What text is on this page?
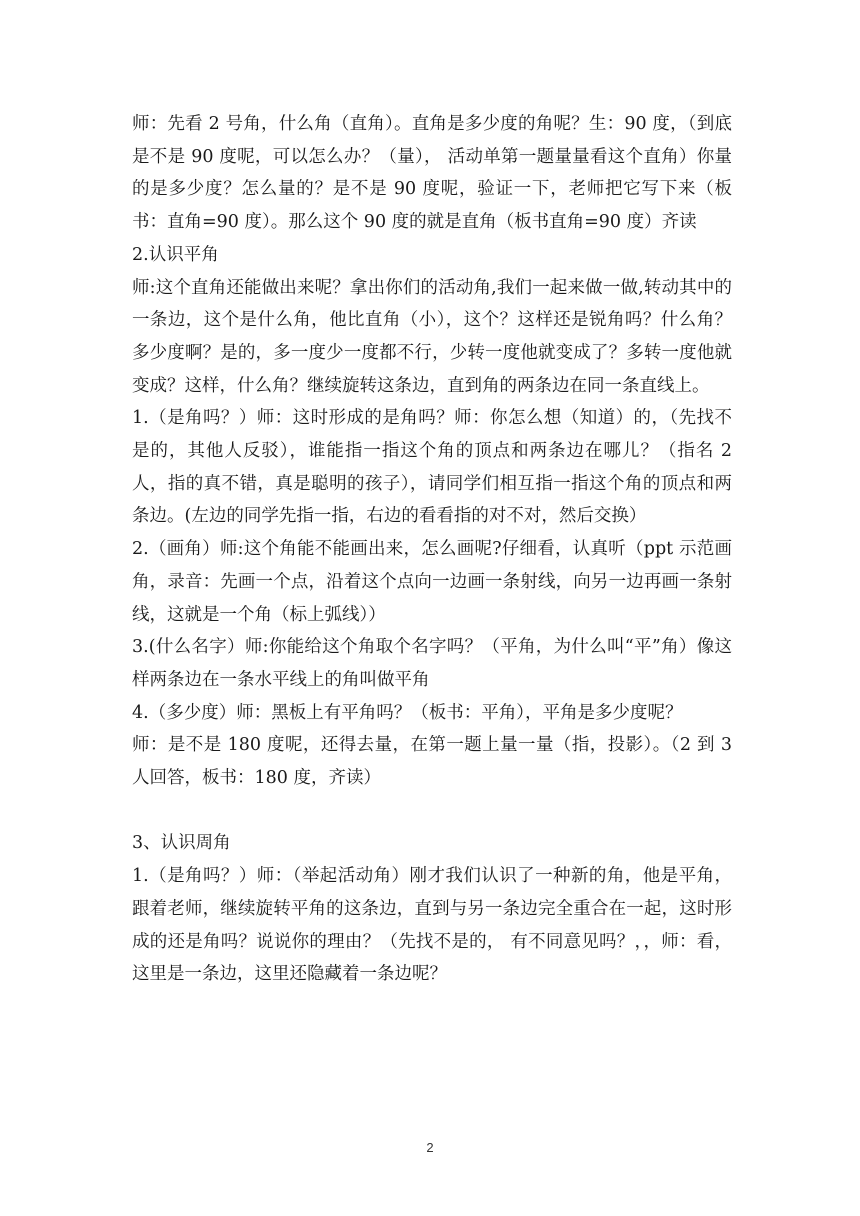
师：先看 2 号角，什么角（直角）。直角是多少度的角呢？生：90 度，（到底是不是 90 度呢，可以怎么办？（量）， 活动单第一题量量看这个直角）你量的是多少度？怎么量的？是不是 90 度呢，验证一下，老师把它写下来（板书：直角=90 度）。那么这个 90 度的就是直角（板书直角=90 度）齐读

2.认识平角

师:这个直角还能做出来呢？拿出你们的活动角,我们一起来做一做,转动其中的一条边，这个是什么角，他比直角（小），这个？这样还是锐角吗？什么角？多少度啊？是的，多一度少一度都不行，少转一度他就变成了？多转一度他就变成？这样，什么角？继续旋转这条边，直到角的两条边在同一条直线上。

1.（是角吗？）师：这时形成的是角吗？师：你怎么想（知道）的，（先找不是的，其他人反驳），谁能指一指这个角的顶点和两条边在哪儿？（指名 2 人，指的真不错，真是聪明的孩子），请同学们相互指一指这个角的顶点和两条边。(左边的同学先指一指，右边的看看指的对不对，然后交换）

2.（画角）师:这个角能不能画出来，怎么画呢?仔细看，认真听（ppt 示范画角，录音：先画一个点，沿着这个点向一边画一条射线，向另一边再画一条射线，这就是一个角（标上弧线））

3.(什么名字）师:你能给这个角取个名字吗？（平角，为什么叫“平”角）像这样两条边在一条水平线上的角叫做平角

4.（多少度）师：黑板上有平角吗？（板书：平角），平角是多少度呢？

师：是不是 180 度呢，还得去量，在第一题上量一量（指，投影）。（2 到 3 人回答，板书：180 度，齐读）

3、认识周角

1.（是角吗？）师：（举起活动角）刚才我们认识了一种新的角，他是平角，跟着老师，继续旋转平角的这条边，直到与另一条边完全重合在一起，这时形成的还是角吗？说说你的理由？（先找不是的， 有不同意见吗？，，师：看，这里是一条边，这里还隐藏着一条边呢？

2
